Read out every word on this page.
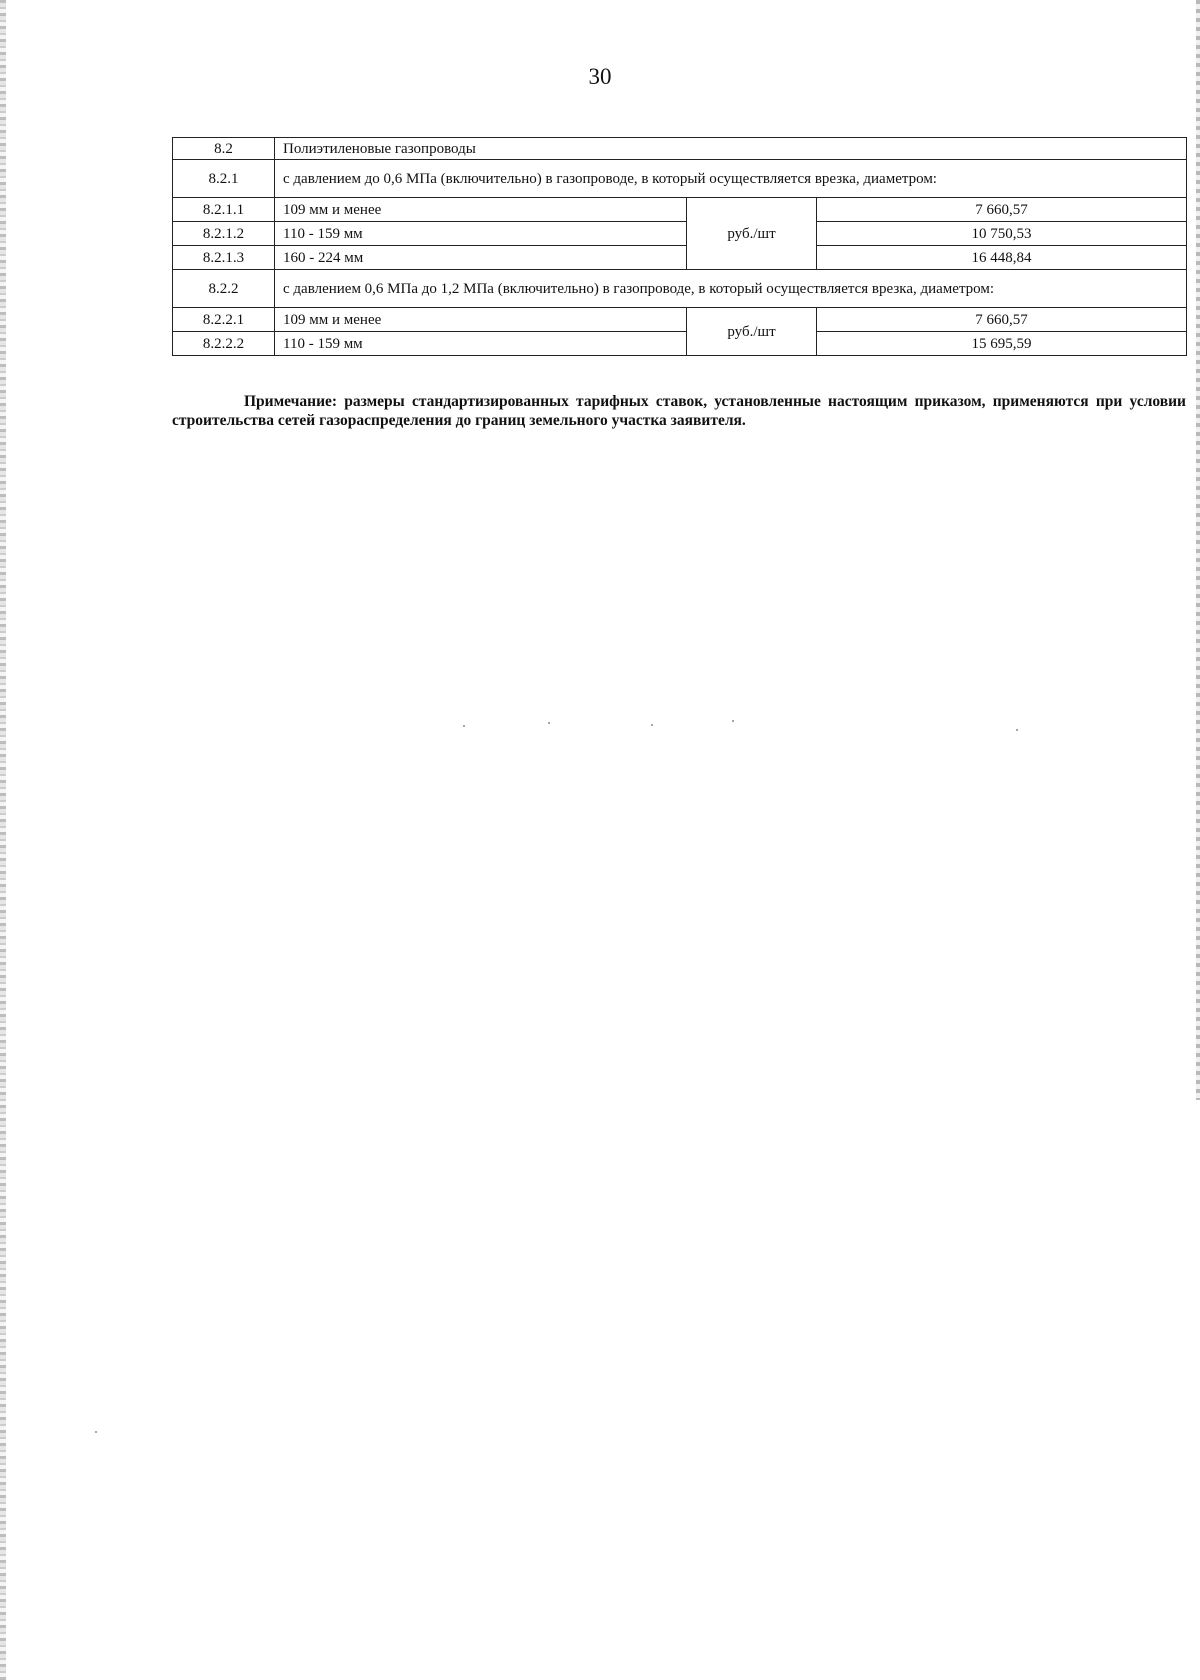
30
8.2	Полиэтиленовые газопроводы		
8.2.1	с давлением до 0,6 МПа (включительно) в газопроводе, в который осуществляется врезка, диаметром:		
8.2.1.1	109 мм и менее	руб./шт	7 660,57
8.2.1.2	110 - 159 мм		10 750,53
8.2.1.3	160 - 224 мм		16 448,84
8.2.2	с давлением 0,6 МПа до 1,2 МПа (включительно) в газопроводе, в который осуществляется врезка, диаметром:		
8.2.2.1	109 мм и менее	руб./шт	7 660,57
8.2.2.2	110 - 159 мм		15 695,59
Примечание: размеры стандартизированных тарифных ставок, установленные настоящим приказом, применяются при условии строительства сетей газораспределения до границ земельного участка заявителя.
